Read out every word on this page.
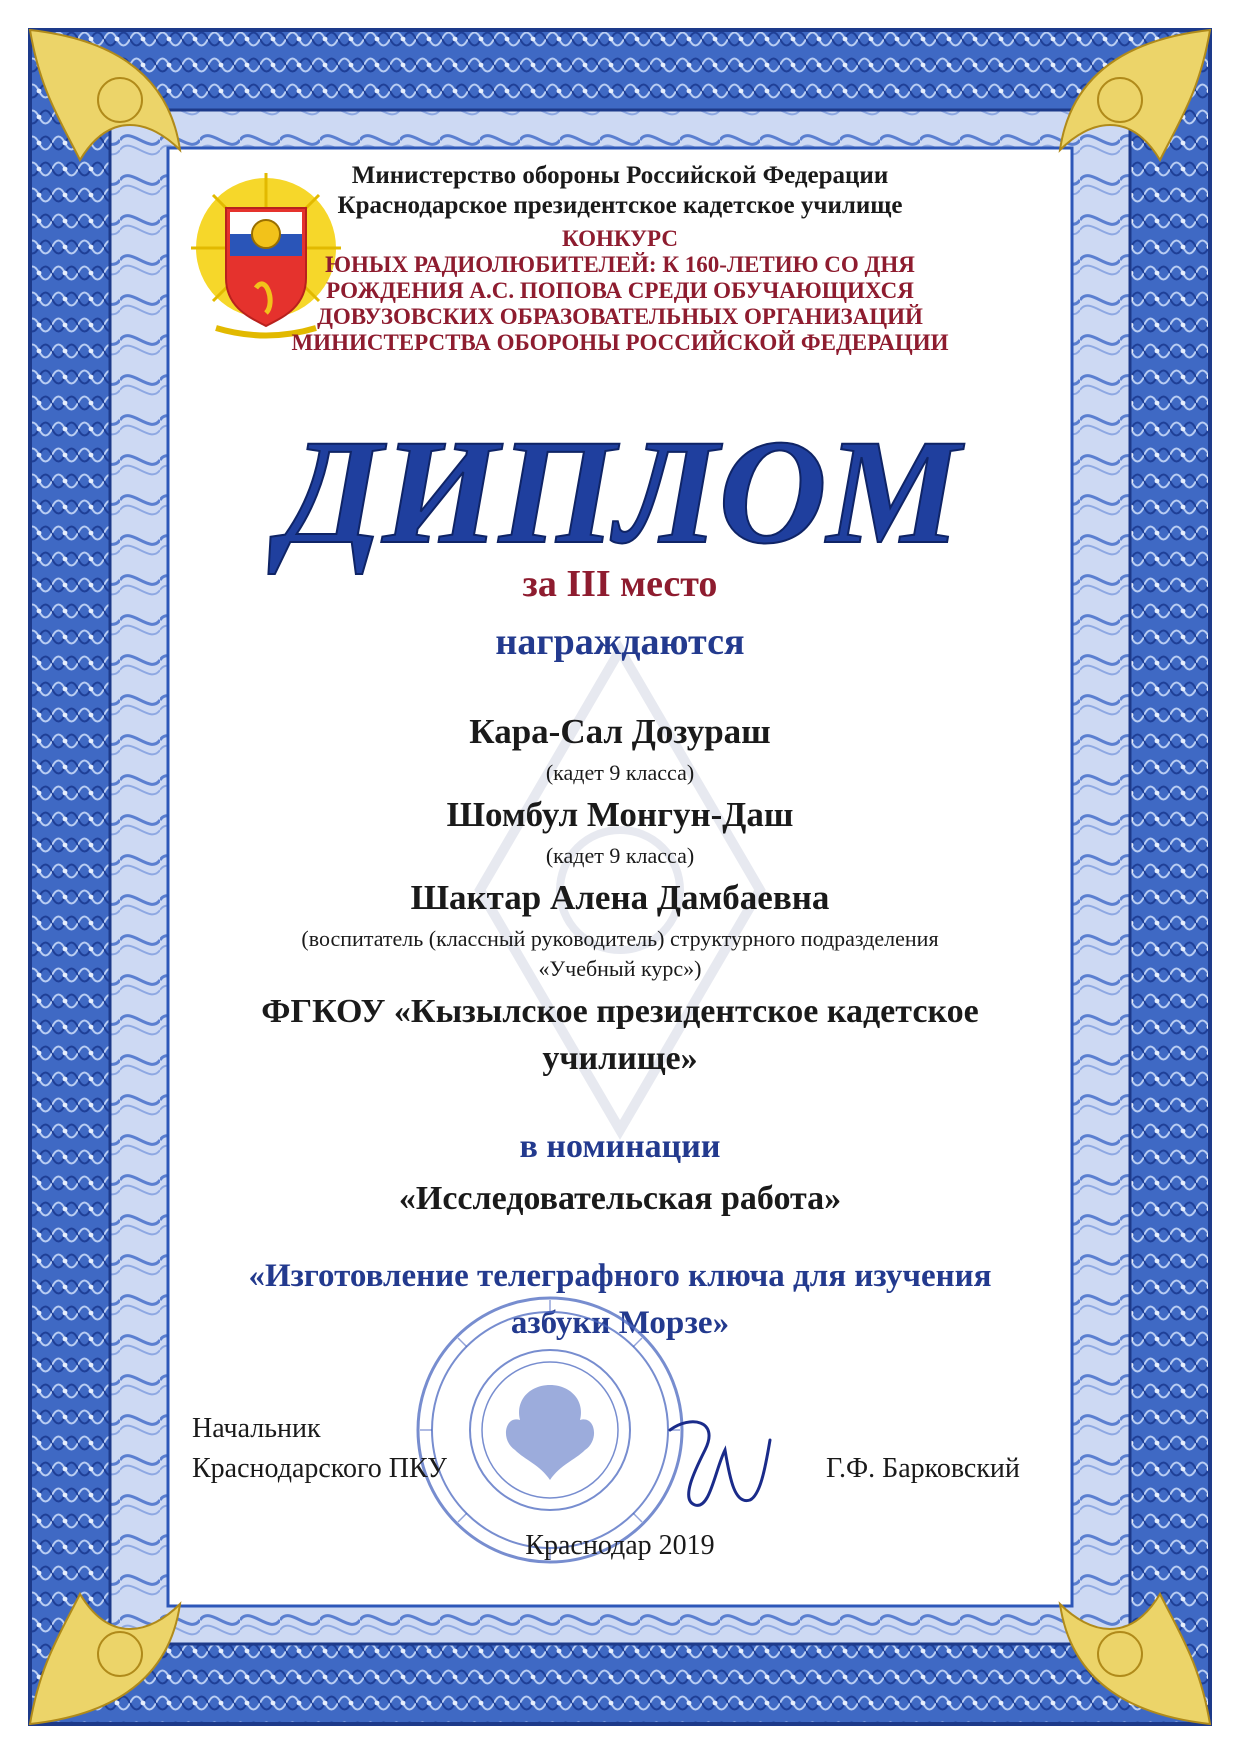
Министерство обороны Российской Федерации

Краснодарское президентское кадетское училище

КОНКУРС

ЮНЫХ РАДИОЛЮБИТЕЛЕЙ: К 160-ЛЕТИЮ СО ДНЯ

РОЖДЕНИЯ А.С. ПОПОВА СРЕДИ ОБУЧАЮЩИХСЯ

ДОВУЗОВСКИХ ОБРАЗОВАТЕЛЬНЫХ ОРГАНИЗАЦИЙ

МИНИСТЕРСТВА ОБОРОНЫ РОССИЙСКОЙ ФЕДЕРАЦИИ

ДИПЛОМ

за III место

награждаются

Кара-Сал Дозураш

(кадет 9 класса)

Шомбул Монгун-Даш

(кадет 9 класса)

Шактар Алена Дамбаевна

(воспитатель (классный руководитель) структурного подразделения

«Учебный курс»)

ФГКОУ «Кызылское президентское кадетское

училище»

в номинации

«Исследовательская работа»

«Изготовление телеграфного ключа для изучения

азбуки Морзе»

Начальник

Краснодарского ПКУ	Г.Ф. Барковский

Краснодар 2019
